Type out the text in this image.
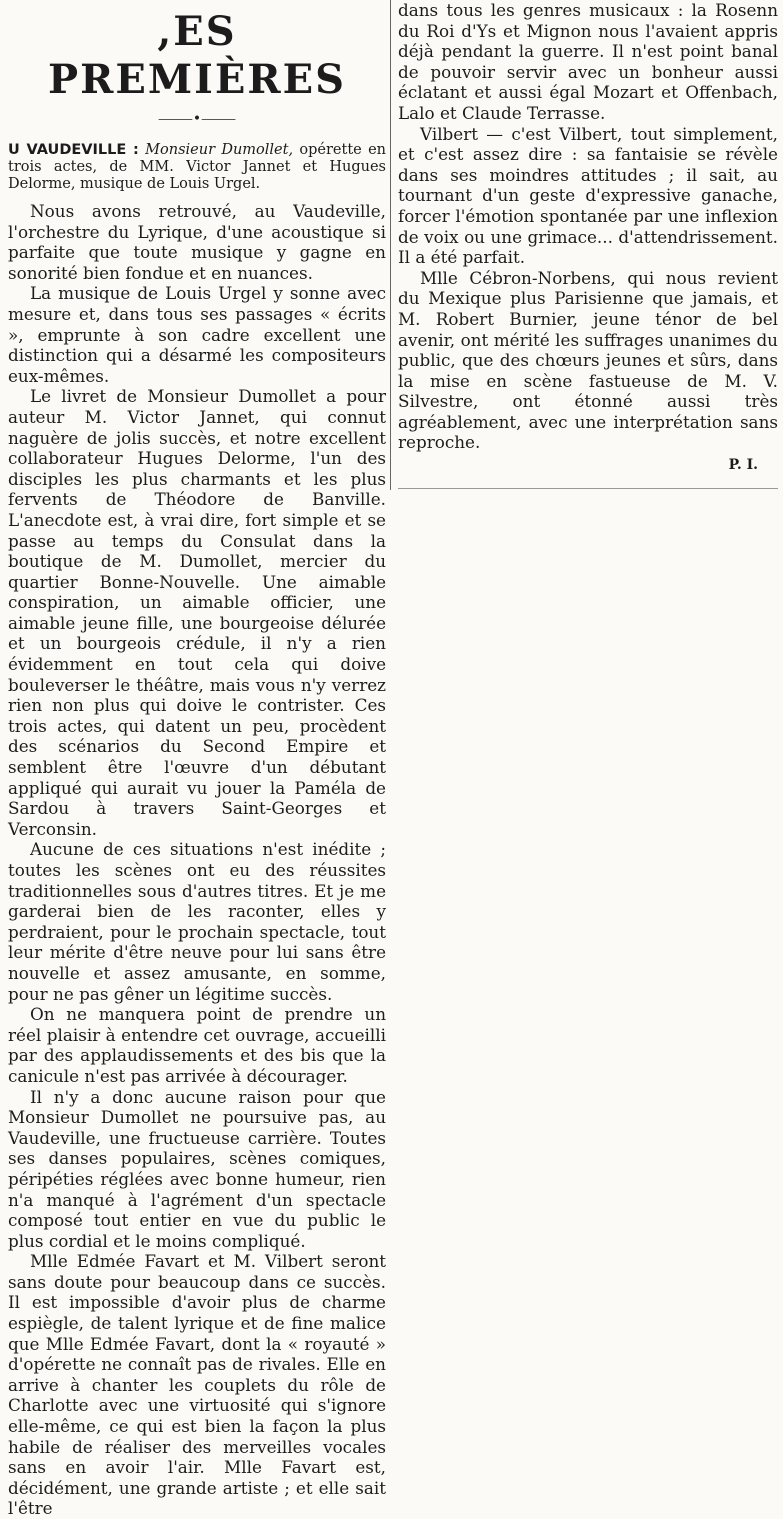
,ES PREMIÈRES
⸻•⸻
U VAUDEVILLE : Monsieur Dumollet, opérette en trois actes, de MM. Victor Jannet et Hugues Delorme, musique de Louis Urgel.

Nous avons retrouvé, au Vaudeville, l'orchestre du Lyrique, d'une acoustique si parfaite que toute musique y gagne en sonorité bien fondue et en nuances.

La musique de Louis Urgel y sonne avec mesure et, dans tous ses passages « écrits », emprunte à son cadre excellent une distinction qui a désarmé les compositeurs eux-mêmes.

Le livret de Monsieur Dumollet a pour auteur M. Victor Jannet, qui connut naguère de jolis succès, et notre excellent collaborateur Hugues Delorme, l'un des disciples les plus charmants et les plus fervents de Théodore de Banville. L'anecdote est, à vrai dire, fort simple et se passe au temps du Consulat dans la boutique de M. Dumollet, mercier du quartier Bonne-Nouvelle. Une aimable conspiration, un aimable officier, une aimable jeune fille, une bourgeoise délurée et un bourgeois crédule, il n'y a rien évidemment en tout cela qui doive bouleverser le théâtre, mais vous n'y verrez rien non plus qui doive le contrister. Ces trois actes, qui datent un peu, procèdent des scénarios du Second Empire et semblent être l'œuvre d'un débutant appliqué qui aurait vu jouer la Paméla de Sardou à travers Saint-Georges et Verconsin.

Aucune de ces situations n'est inédite ; toutes les scènes ont eu des réussites traditionnelles sous d'autres titres. Et je me garderai bien de les raconter, elles y perdraient, pour le prochain spectacle, tout leur mérite d'être neuve pour lui sans être nouvelle et assez amusante, en somme, pour ne pas gêner un légitime succès.

On ne manquera point de prendre un réel plaisir à entendre cet ouvrage, accueilli par des applaudissements et des bis que la canicule n'est pas arrivée à décourager.

Il n'y a donc aucune raison pour que Monsieur Dumollet ne poursuive pas, au Vaudeville, une fructueuse carrière. Toutes ses danses populaires, scènes comiques, péripéties réglées avec bonne humeur, rien n'a manqué à l'agrément d'un spectacle composé tout entier en vue du public le plus cordial et le moins compliqué.

Mlle Edmée Favart et M. Vilbert seront sans doute pour beaucoup dans ce succès. Il est impossible d'avoir plus de charme espiègle, de talent lyrique et de fine malice que Mlle Edmée Favart, dont la « royauté » d'opérette ne connaît pas de rivales. Elle en arrive à chanter les couplets du rôle de Charlotte avec une virtuosité qui s'ignore elle-même, ce qui est bien la façon la plus habile de réaliser des merveilles vocales sans en avoir l'air. Mlle Favart est, décidément, une grande artiste ; et elle sait l'être

dans tous les genres musicaux : la Rosenn du Roi d'Ys et Mignon nous l'avaient appris déjà pendant la guerre. Il n'est point banal de pouvoir servir avec un bonheur aussi éclatant et aussi égal Mozart et Offenbach, Lalo et Claude Terrasse.

Vilbert — c'est Vilbert, tout simplement, et c'est assez dire : sa fantaisie se révèle dans ses moindres attitudes ; il sait, au tournant d'un geste d'expressive ganache, forcer l'émotion spontanée par une inflexion de voix ou une grimace... d'attendrissement. Il a été parfait.

Mlle Cébron-Norbens, qui nous revient du Mexique plus Parisienne que jamais, et M. Robert Burnier, jeune ténor de bel avenir, ont mérité les suffrages unanimes du public, que des chœurs jeunes et sûrs, dans la mise en scène fastueuse de M. V. Silvestre, ont étonné aussi très agréablement, avec une interprétation sans reproche.

P. I.
